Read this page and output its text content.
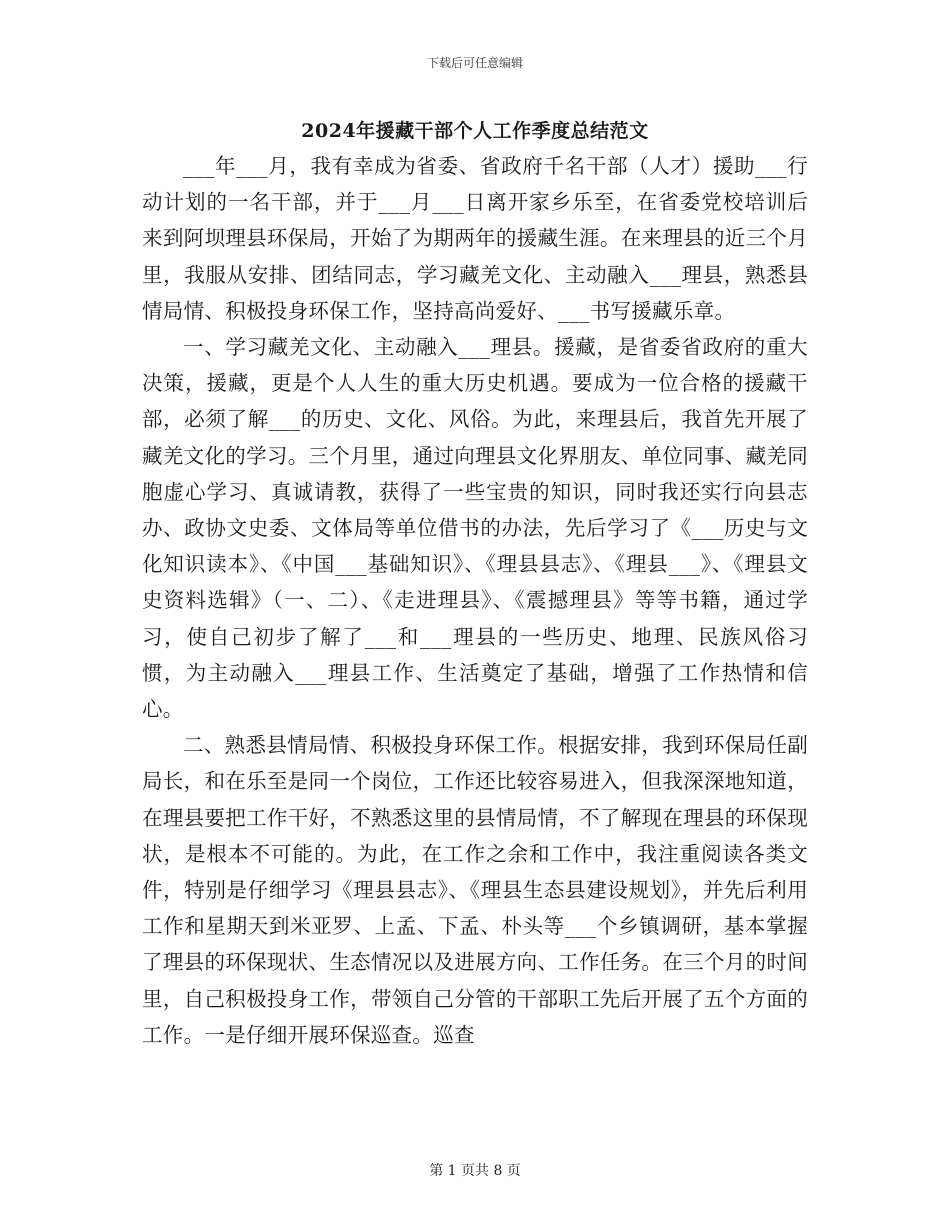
下载后可任意编辑
2024年援藏干部个人工作季度总结范文

___年___月，我有幸成为省委、省政府千名干部（人才）援助___行动计划的一名干部，并于___月___日离开家乡乐至，在省委党校培训后来到阿坝理县环保局，开始了为期两年的援藏生涯。在来理县的近三个月里，我服从安排、团结同志，学习藏羌文化、主动融入___理县，熟悉县情局情、积极投身环保工作，坚持高尚爱好、___书写援藏乐章。

一、学习藏羌文化、主动融入___理县。援藏，是省委省政府的重大决策，援藏，更是个人人生的重大历史机遇。要成为一位合格的援藏干部，必须了解___的历史、文化、风俗。为此，来理县后，我首先开展了藏羌文化的学习。三个月里，通过向理县文化界朋友、单位同事、藏羌同胞虚心学习、真诚请教，获得了一些宝贵的知识，同时我还实行向县志办、政协文史委、文体局等单位借书的办法，先后学习了《___历史与文化知识读本》、《中国___基础知识》、《理县县志》、《理县___》、《理县文史资料选辑》（一、二）、《走进理县》、《震撼理县》等等书籍，通过学习，使自己初步了解了___和___理县的一些历史、地理、民族风俗习惯，为主动融入___理县工作、生活奠定了基础，增强了工作热情和信心。

二、熟悉县情局情、积极投身环保工作。根据安排，我到环保局任副局长，和在乐至是同一个岗位，工作还比较容易进入，但我深深地知道，在理县要把工作干好，不熟悉这里的县情局情，不了解现在理县的环保现状，是根本不可能的。为此，在工作之余和工作中，我注重阅读各类文件，特别是仔细学习《理县县志》、《理县生态县建设规划》，并先后利用工作和星期天到米亚罗、上孟、下孟、朴头等___个乡镇调研，基本掌握了理县的环保现状、生态情况以及进展方向、工作任务。在三个月的时间里，自己积极投身工作，带领自己分管的干部职工先后开展了五个方面的工作。一是仔细开展环保巡查。巡查

第 1 页共 8 页
